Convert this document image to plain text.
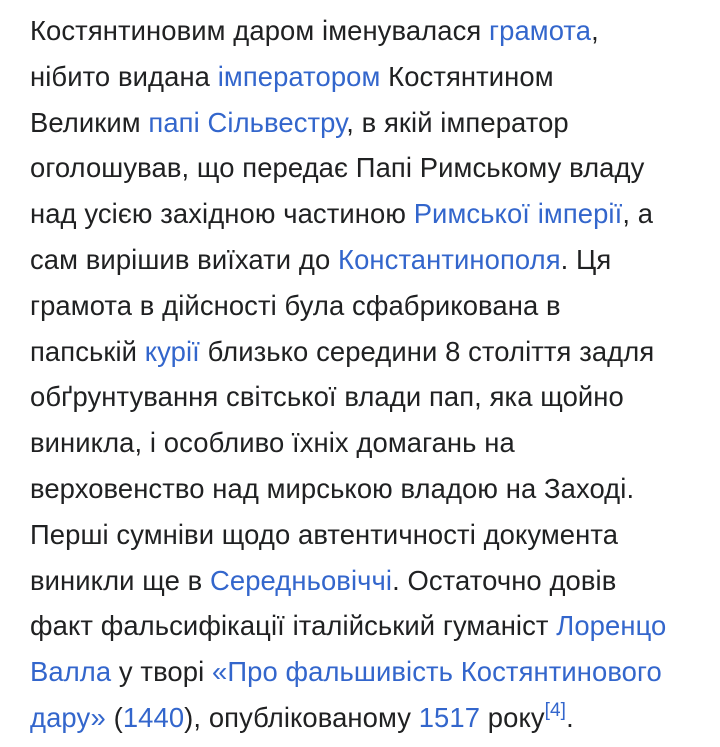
Костянтиновим даром іменувалася грамота,
нібито видана імператором Костянтином
Великим папі Сільвестру, в якій імператор
оголошував, що передає Папі Римському владу
над усією західною частиною Римської імперії, а
сам вирішив виїхати до Константинополя. Ця
грамота в дійсності була сфабрикована в
папській курії близько середини 8 століття задля
обґрунтування світської влади пап, яка щойно
виникла, і особливо їхніх домагань на
верховенство над мирською владою на Заході.
Перші сумніви щодо автентичності документа
виникли ще в Середньовіччі. Остаточно довів
факт фальсифікації італійський гуманіст Лоренцо
Валла у творі «Про фальшивість Костянтинового
дару» (1440), опублікованому 1517 року[4].
